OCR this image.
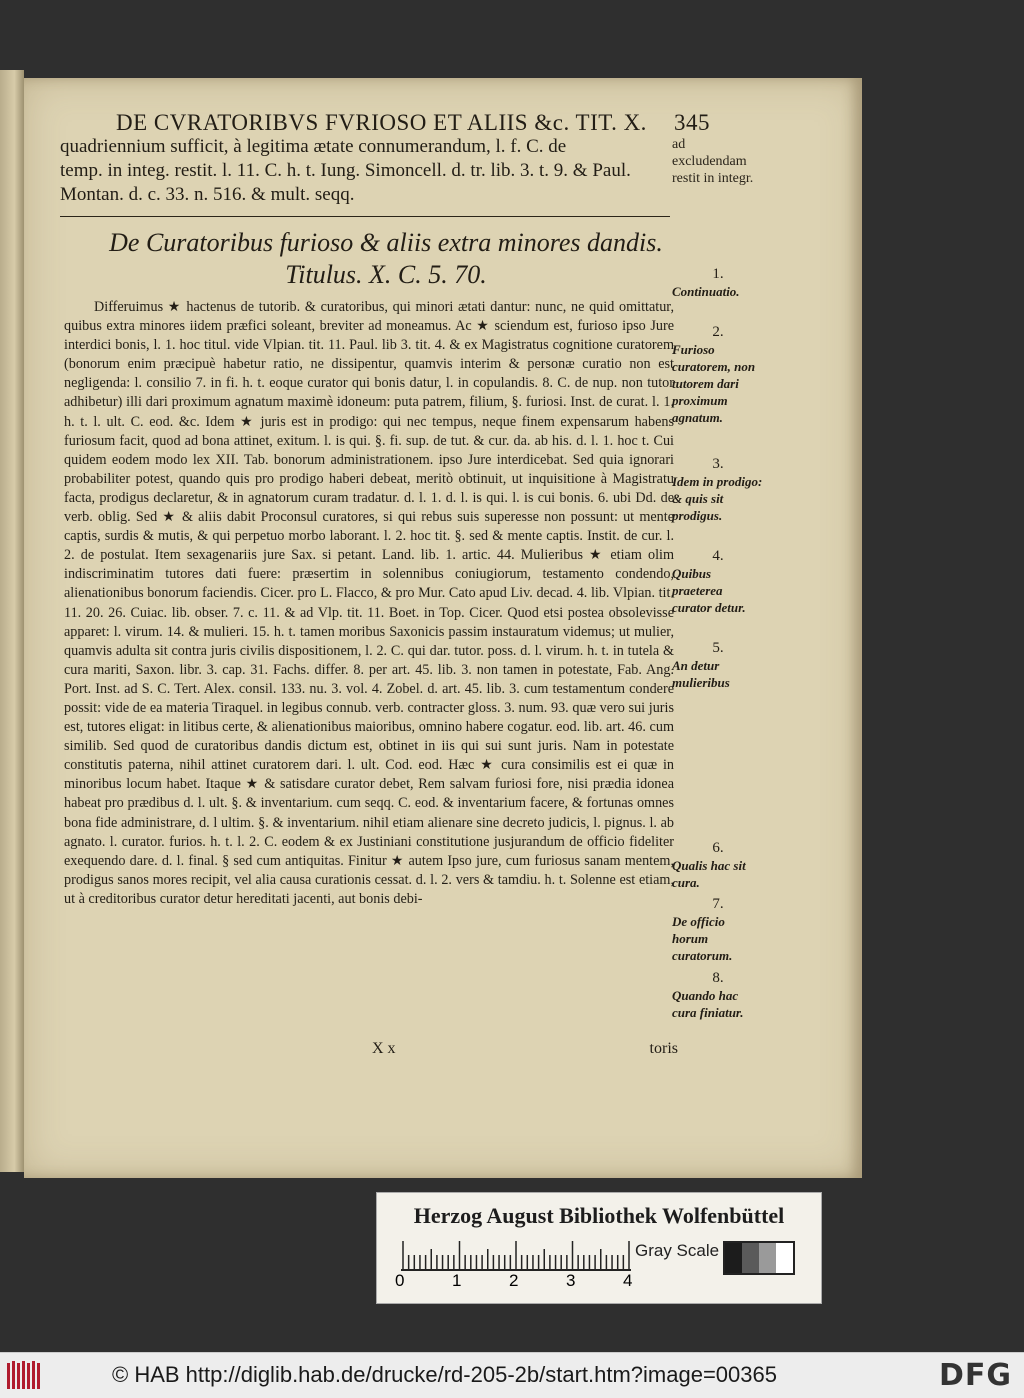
DE CVRATORIBVS FVRIOSO ET ALIIS &c. TIT. X. 345
quadriennium sufficit, à legitima ætate connumerandum, l. f. C. de
temp. in integ. restit. l. 11. C. h. t. Iung. Simoncell. d. tr. lib. 3. t. 9. & Paul.
Montan. d. c. 33. n. 516. & mult. seqq.
ad excludendam restit in integr.
De Curatoribus furioso & aliis extra minores dandis.
Titulus. X. C. 5. 70.

Differuimus ★ hactenus de tutorib. & curatoribus, qui minori ætati dantur: nunc, ne quid omittatur, quibus extra minores iidem præfici soleant, breviter ad moneamus. Ac ★ sciendum est, furioso ipso Jure interdici bonis, l. 1. hoc titul. vide Vlpian. tit. 11. Paul. lib 3. tit. 4. & ex Magistratus cognitione curatorem (bonorum enim præcipuè habetur ratio, ne dissipentur, quamvis interim & personæ curatio non est negligenda: l. consilio 7. in fi. h. t. eoque curator qui bonis datur, l. in copulandis. 8. C. de nup. non tutor adhibetur) illi dari proximum agnatum maximè idoneum: puta patrem, filium, §. furiosi. Inst. de curat. l. 1. h. t. l. ult. C. eod. &c. Idem ★ juris est in prodigo: qui nec tempus, neque finem expensarum habens furiosum facit, quod ad bona attinet, exitum. l. is qui. §. fi. sup. de tut. & cur. da. ab his. d. l. 1. hoc t. Cui quidem eodem modo lex XII. Tab. bonorum administrationem. ipso Jure interdicebat. Sed quia ignorari probabiliter potest, quando quis pro prodigo haberi debeat, meritò obtinuit, ut inquisitione à Magistratu facta, prodigus declaretur, & in agnatorum curam tradatur. d. l. 1. d. l. is qui. l. is cui bonis. 6. ubi Dd. de verb. oblig. Sed ★ & aliis dabit Proconsul curatores, si qui rebus suis superesse non possunt: ut mente captis, surdis & mutis, & qui perpetuo morbo laborant. l. 2. hoc tit. §. sed & mente captis. Instit. de cur. l. 2. de postulat. Item sexagenariis jure Sax. si petant. Land. lib. 1. artic. 44. Mulieribus ★ etiam olim indiscriminatim tutores dati fuere: præsertim in solennibus coniugiorum, testamento condendo, alienationibus bonorum faciendis. Cicer. pro L. Flacco, & pro Mur. Cato apud Liv. decad. 4. lib. Vlpian. tit. 11. 20. 26. Cuiac. lib. obser. 7. c. 11. & ad Vlp. tit. 11. Boet. in Top. Cicer. Quod etsi postea obsolevisse apparet: l. virum. 14. & mulieri. 15. h. t. tamen moribus Saxonicis passim instauratum videmus; ut mulier, quamvis adulta sit contra juris civilis dispositionem, l. 2. C. qui dar. tutor. poss. d. l. virum. h. t. in tutela & cura mariti, Saxon. libr. 3. cap. 31. Fachs. differ. 8. per art. 45. lib. 3. non tamen in potestate, Fab. Ang. Port. Inst. ad S. C. Tert. Alex. consil. 133. nu. 3. vol. 4. Zobel. d. art. 45. lib. 3. cum testamentum condere possit: vide de ea materia Tiraquel. in legibus connub. verb. contracter gloss. 3. num. 93. quæ vero sui juris est, tutores eligat: in litibus certe, & alienationibus maioribus, omnino habere cogatur. eod. lib. art. 46. cum similib. Sed quod de curatoribus dandis dictum est, obtinet in iis qui sui sunt juris. Nam in potestate constitutis paterna, nihil attinet curatorem dari. l. ult. Cod. eod. Hæc ★ cura consimilis est ei quæ in minoribus locum habet. Itaque ★ & satisdare curator debet, Rem salvam furiosi fore, nisi prædia idonea habeat pro prædibus d. l. ult. §. & inventarium. cum seqq. C. eod. & inventarium facere, & fortunas omnes bona fide administrare, d. l ultim. §. & inventarium. nihil etiam alienare sine decreto judicis, l. pignus. l. ab agnato. l. curator. furios. h. t. l. 2. C. eodem & ex Justiniani constitutione jusjurandum de officio fideliter exequendo dare. d. l. final. § sed cum antiquitas. Finitur ★ autem Ipso jure, cum furiosus sanam mentem, prodigus sanos mores recipit, vel alia causa curationis cessat. d. l. 2. vers & tamdiu. h. t. Solenne est etiam, ut à creditoribus curator detur hereditati jacenti, aut bonis debi-

1.
Continuatio.
2.
Furioso curatorem, non tutorem dari proximum agnatum.
3.
Idem in prodigo: & quis sit prodigus.
4.
Quibus praeterea curator detur.
5.
An detur mulieribus
6.
Qualis hac sit cura.
7.
De officio horum curatorum.
8.
Quando hac cura finiatur.
X x	toris
Herzog August Bibliothek Wolfenbüttel
0	1	2	3	4
Gray Scale
© HAB http://diglib.hab.de/drucke/rd-205-2b/start.htm?image=00365	DFG
